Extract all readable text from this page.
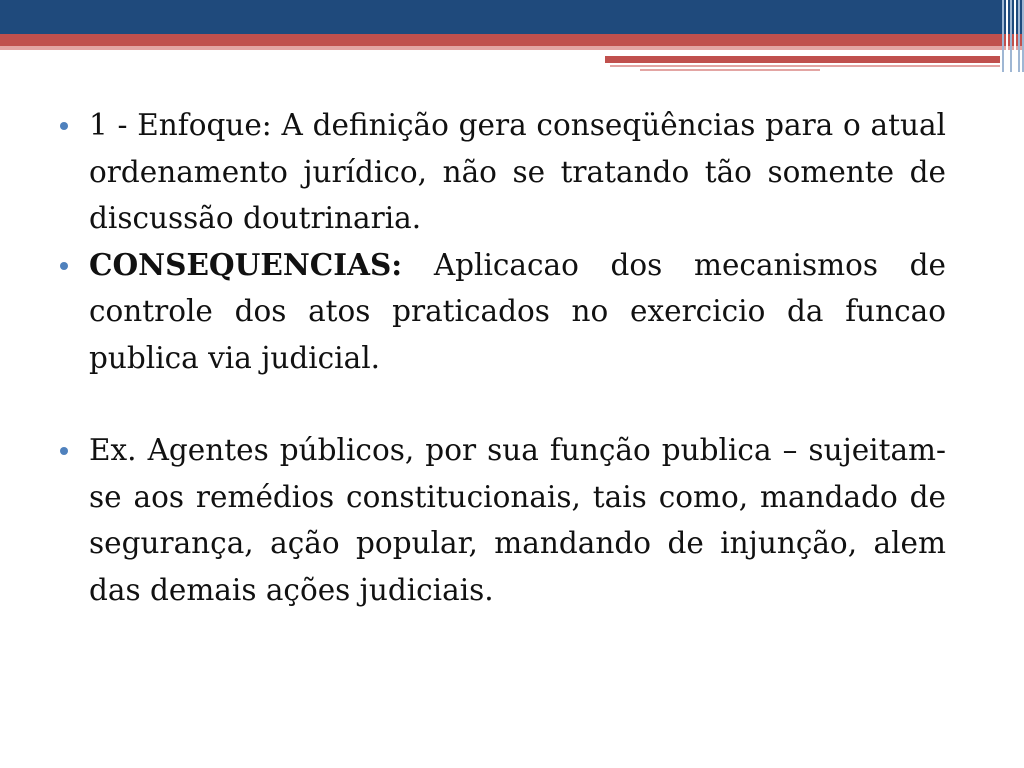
1 - Enfoque: A definição gera conseqüências para o atual ordenamento jurídico, não se tratando tão somente de discussão doutrinaria.

CONSEQUENCIAS: Aplicacao dos mecanismos de controle dos atos praticados no exercicio da funcao publica via judicial.

Ex. Agentes públicos, por sua função publica – sujeitam-se aos remédios constitucionais, tais como, mandado de segurança, ação popular, mandando de injunção, alem das demais ações judiciais.
